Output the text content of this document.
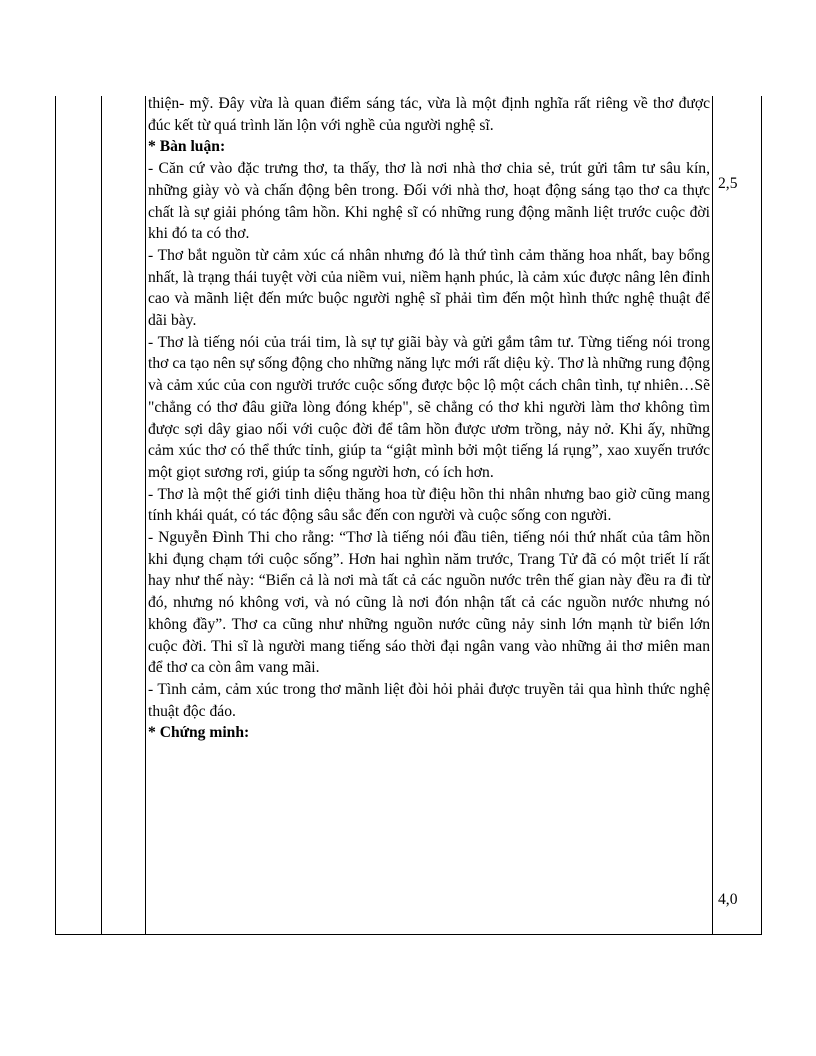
thiện- mỹ. Đây vừa là quan điểm sáng tác, vừa là một định nghĩa rất riêng về thơ được đúc kết từ quá trình lăn lộn với nghề của người nghệ sĩ.

* Bàn luận:

- Căn cứ vào đặc trưng thơ, ta thấy, thơ là nơi nhà thơ chia sẻ, trút gửi tâm tư sâu kín, những giày vò và chấn động bên trong. Đối với nhà thơ, hoạt động sáng tạo thơ ca thực chất là sự giải phóng tâm hồn. Khi nghệ sĩ có những rung động mãnh liệt trước cuộc đời khi đó ta có thơ.

- Thơ bắt nguồn từ cảm xúc cá nhân nhưng đó là thứ tình cảm thăng hoa nhất, bay bổng nhất, là trạng thái tuyệt vời của niềm vui, niềm hạnh phúc, là cảm xúc được nâng lên đỉnh cao và mãnh liệt đến mức buộc người nghệ sĩ phải tìm đến một hình thức nghệ thuật để dãi bày.

- Thơ là tiếng nói của trái tim, là sự tự giãi bày và gửi gắm tâm tư. Từng tiếng nói trong thơ ca tạo nên sự sống động cho những năng lực mới rất diệu kỳ. Thơ là những rung động và cảm xúc của con người trước cuộc sống được bộc lộ một cách chân tình, tự nhiên…Sẽ "chẳng có thơ đâu giữa lòng đóng khép", sẽ chẳng có thơ khi người làm thơ không tìm được sợi dây giao nối với cuộc đời để tâm hồn được ươm trồng, nảy nở. Khi ấy, những cảm xúc thơ có thể thức tỉnh, giúp ta “giật mình bởi một tiếng lá rụng”, xao xuyến trước một giọt sương rơi, giúp ta sống người hơn, có ích hơn.

- Thơ là một thế giới tinh diệu thăng hoa từ điệu hồn thi nhân nhưng bao giờ cũng mang tính khái quát, có tác động sâu sắc đến con người và cuộc sống con người.

- Nguyễn Đình Thi cho rằng: “Thơ là tiếng nói đầu tiên, tiếng nói thứ nhất của tâm hồn khi đụng chạm tới cuộc sống”. Hơn hai nghìn năm trước, Trang Tử đã có một triết lí rất hay như thế này: “Biển cả là nơi mà tất cả các nguồn nước trên thế gian này đều ra đi từ đó, nhưng nó không vơi, và nó cũng là nơi đón nhận tất cả các nguồn nước nhưng nó không đầy”. Thơ ca cũng như những nguồn nước cũng nảy sinh lớn mạnh từ biển lớn cuộc đời. Thi sĩ là người mang tiếng sáo thời đại ngân vang vào những ải thơ miên man để thơ ca còn âm vang mãi.

- Tình cảm, cảm xúc trong thơ mãnh liệt đòi hỏi phải được truyền tải qua hình thức nghệ thuật độc đáo.

* Chứng minh:

2,5
4,0
